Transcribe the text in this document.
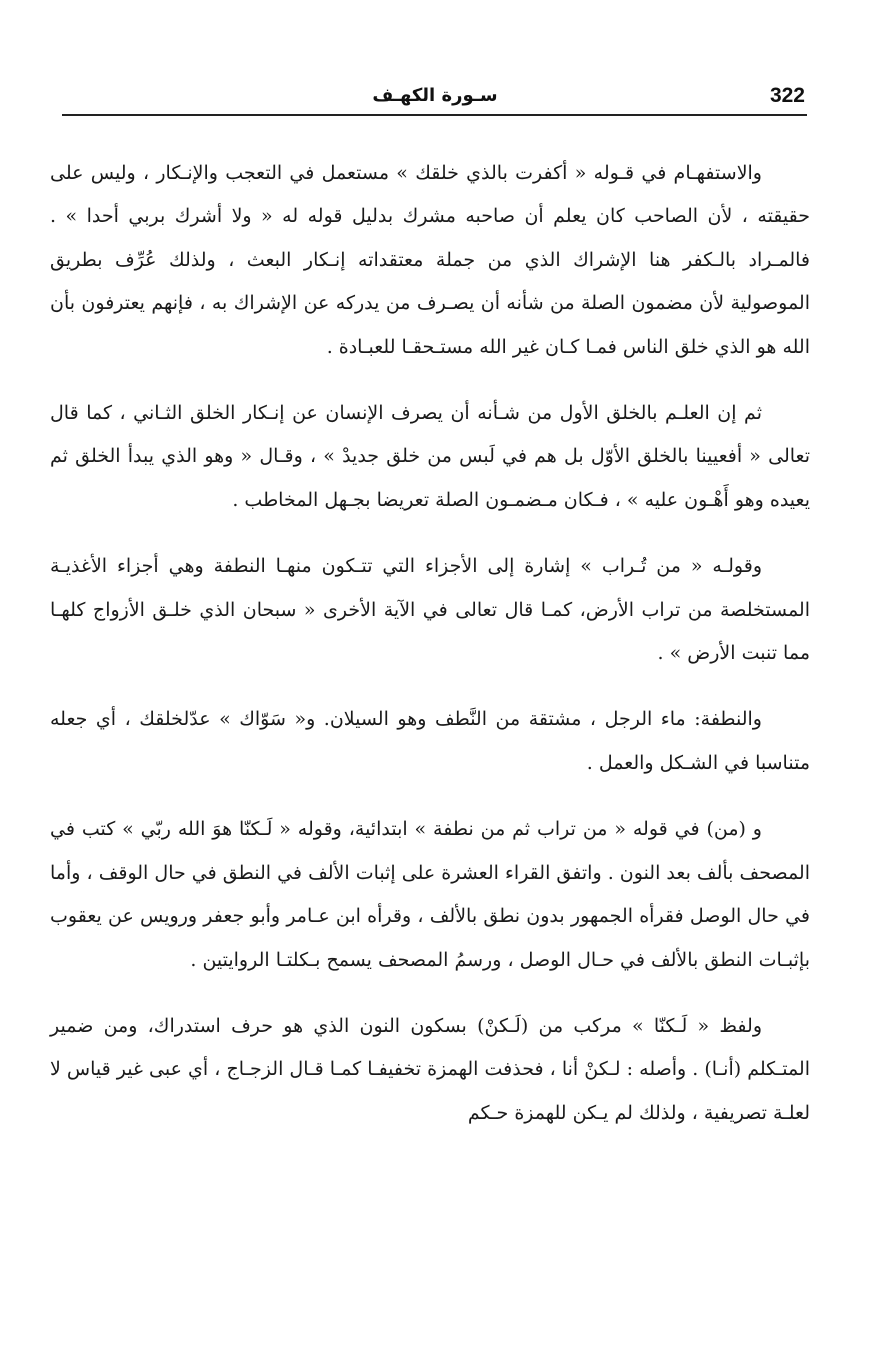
322
سـورة الكهـف

والاستفهـام في قـوله « أكفرت بالذي خلقك » مستعمل في التعجب والإنـكار ، وليس على حقيقته ، لأن الصاحب كان يعلم أن صاحبه مشرك بدليل قوله له « ولا أشرك بربي أحدا » . فالمـراد بالـكفر هنا الإشراك الذي من جملة معتقداته إنـكار البعث ، ولذلك عُرِّف بطريق الموصولية لأن مضمون الصلة من شأنه أن يصـرف من يدركه عن الإشراك به ، فإنهم يعترفون بأن الله هو الذي خلق الناس فمـا كـان غير الله مستـحقـا للعبـادة .

ثم إن العلـم بالخلق الأول من شـأنه أن يصرف الإنسان عن إنـكار الخلق الثـاني ، كما قال تعالى « أفعيينا بالخلق الأوّل بل هم في لَبس من خلق جديدْ » ، وقـال « وهو الذي يبدأ الخلق ثم يعيده وهو أَهْـون عليه » ، فـكان مـضمـون الصلة تعريضا بجـهل المخاطب .

وقولـه « من تُـراب » إشارة إلى الأجزاء التي تتـكون منهـا النطفة وهي أجزاء الأغذيـة المستخلصة من تراب الأرض، كمـا قال تعالى في الآية الأخرى « سبحان الذي خلـق الأزواج كلهـا مما تنبت الأرض » .

والنطفة: ماء الرجل ، مشتقة من النَّطف وهو السيلان. و« سَوّاك » عدّلخلقك ، أي جعله متناسبا في الشـكل والعمل .

و (من) في قوله « من تراب ثم من نطفة » ابتدائية، وقوله « لَـكنّا هوَ الله ربّي » كتب في المصحف بألف بعد النون . واتفق القراء العشرة على إثبات الألف في النطق في حال الوقف ، وأما في حال الوصل فقرأه الجمهور بدون نطق بالألف ، وقرأه ابن عـامر وأبو جعفر ورويس عن يعقوب بإثبـات النطق بالألف في حـال الوصل ، ورسمُ المصحف يسمح بـكلتـا الروايتين .

ولفظ « لَـكنّا » مركب من (لَـكنْ) بسكون النون الذي هو حرف استدراك، ومن ضمير المتـكلم (أنـا) . وأصله : لـكنْ أنا ، فحذفت الهمزة تخفيفـا كمـا قـال الزجـاج ، أي عبى غير قياس لا لعلـة تصريفية ، ولذلك لم يـكن للهمزة حـكم
